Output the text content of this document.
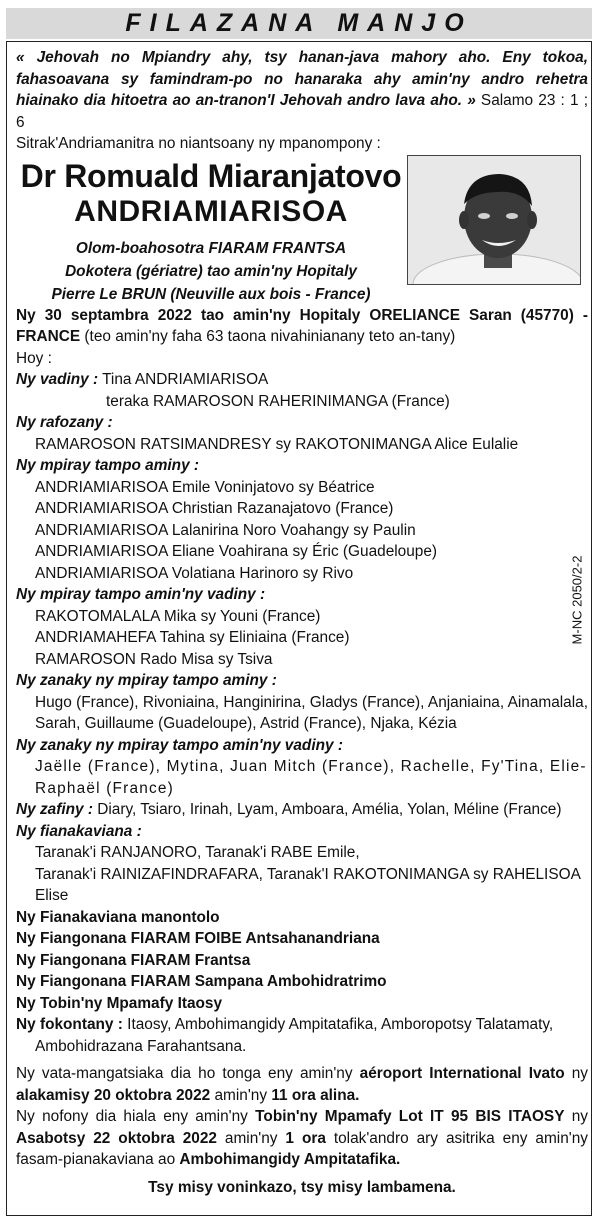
FILAZANA MANJO
M-NC 2050/2-2
« Jehovah no Mpiandry ahy, tsy hanan-java mahory aho. Eny tokoa, fahasoavana sy famindram-po no hanaraka ahy amin'ny andro rehetra hiainako dia hitoetra ao an-tranon'I Jehovah andro lava aho. » Salamo 23 : 1 ; 6
Sitrak'Andriamanitra no niantsoany ny mpanompony :
Dr Romuald Miaranjatovo
ANDRIAMIARISOA
Olom-boahosotra FIARAM FRANTSA
Dokotera (gériatre) tao amin'ny Hopitaly
Pierre Le BRUN (Neuville aux bois - France)
Ny 30 septambra 2022 tao amin'ny Hopitaly ORELIANCE Saran (45770) - FRANCE (teo amin'ny faha 63 taona nivahinianany teto an-tany)
Hoy :
Ny vadiny : Tina ANDRIAMIARISOA
teraka RAMAROSON RAHERINIMANGA (France)
Ny rafozany :
RAMAROSON RATSIMANDRESY sy RAKOTONIMANGA Alice Eulalie
Ny mpiray tampo aminy :
ANDRIAMIARISOA Emile Voninjatovo sy Béatrice
ANDRIAMIARISOA Christian Razanajatovo (France)
ANDRIAMIARISOA Lalanirina Noro Voahangy sy Paulin
ANDRIAMIARISOA Eliane Voahirana sy Éric (Guadeloupe)
ANDRIAMIARISOA Volatiana Harinoro sy Rivo
Ny mpiray tampo amin'ny vadiny :
RAKOTOMALALA Mika sy Youni (France)
ANDRIAMAHEFA Tahina sy Eliniaina (France)
RAMAROSON Rado Misa sy Tsiva
Ny zanaky ny mpiray tampo aminy :
Hugo (France), Rivoniaina, Hanginirina, Gladys (France), Anjaniaina, Ainamalala, Sarah, Guillaume (Guadeloupe), Astrid (France), Njaka, Kézia
Ny zanaky ny mpiray tampo amin'ny vadiny :
Jaëlle (France), Mytina, Juan Mitch (France), Rachelle, Fy'Tina, Elie-Raphaël (France)
Ny zafiny : Diary, Tsiaro, Irinah, Lyam, Amboara, Amélia, Yolan, Méline (France)
Ny fianakaviana :
Taranak'i RANJANORO, Taranak'i RABE Emile,
Taranak'i RAINIZAFINDRAFARA, Taranak'I RAKOTONIMANGA sy RAHELISOA Elise
Ny Fianakaviana manontolo
Ny Fiangonana FIARAM FOIBE Antsahanandriana
Ny Fiangonana FIARAM Frantsa
Ny Fiangonana FIARAM Sampana Ambohidratrimo
Ny Tobin'ny Mpamafy Itaosy
Ny fokontany : Itaosy, Ambohimangidy Ampitatafika, Amboropotsy Talatamaty, Ambohidrazana Farahantsana.
Ny vata-mangatsiaka dia ho tonga eny amin'ny aéroport International Ivato ny alakamisy 20 oktobra 2022 amin'ny 11 ora alina.
Ny nofony dia hiala eny amin'ny Tobin'ny Mpamafy Lot IT 95 BIS ITAOSY ny Asabotsy 22 oktobra 2022 amin'ny 1 ora tolak'andro ary asitrika eny amin'ny fasam-pianakaviana ao Ambohimangidy Ampitatafika.
Tsy misy voninkazo, tsy misy lambamena.
